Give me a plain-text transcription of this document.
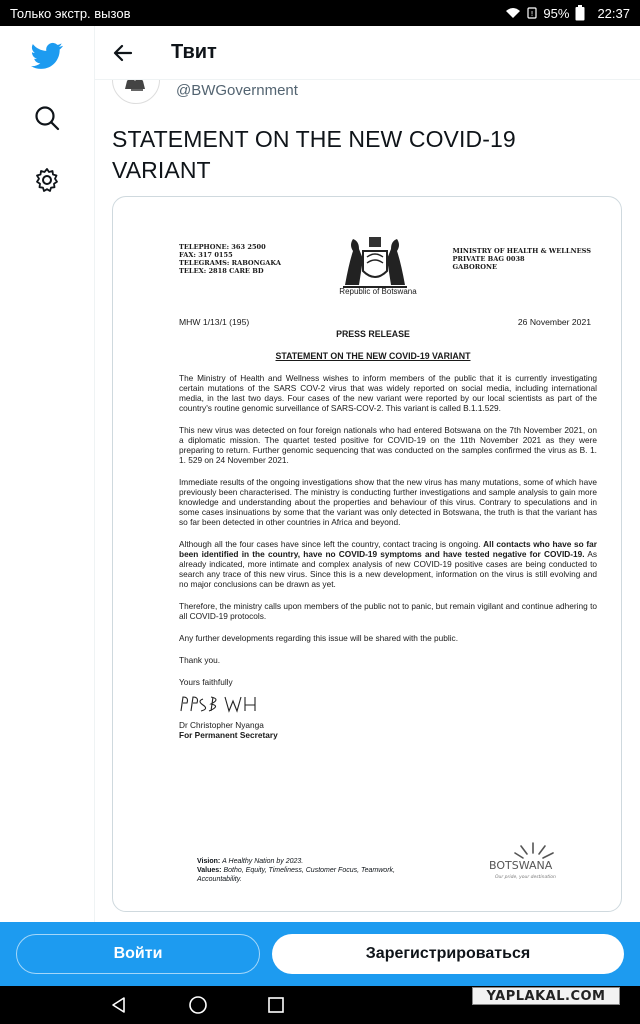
Только экстр. вызов	! 95% 22:37
@BWGovernment
Твит
STATEMENT ON THE NEW COVID-19 VARIANT
TELEPHONE: 363 2500
FAX: 317 0155
TELEGRAMS: RABONGAKA
TELEX: 2818 CARE BD
Republic of Botswana
MINISTRY OF HEALTH & WELLNESS
PRIVATE BAG 0038
GABORONE
MHW 1/13/1 (195)	26 November 2021
PRESS RELEASE
STATEMENT ON THE NEW COVID-19 VARIANT

The Ministry of Health and Wellness wishes to inform members of the public that it is currently investigating certain mutations of the SARS COV-2 virus that was widely reported on social media, including international media, in the last two days. Four cases of the new variant were reported by our local scientists as part of the country's routine genomic surveillance of SARS-COV-2. This variant is called B.1.1.529.

This new virus was detected on four foreign nationals who had entered Botswana on the 7th November 2021, on a diplomatic mission. The quartet tested positive for COVID-19 on the 11th November 2021 as they were preparing to return. Further genomic sequencing that was conducted on the samples confirmed the virus as B. 1. 1. 529 on 24 November 2021.

Immediate results of the ongoing investigations show that the new virus has many mutations, some of which have previously been characterised. The ministry is conducting further investigations and sample analysis to gain more knowledge and understanding about the properties and behaviour of this virus. Contrary to speculations and in some cases insinuations by some that the variant was only detected in Botswana, the truth is that the variant has so far been detected in other countries in Africa and beyond.

Although all the four cases have since left the country, contact tracing is ongoing. All contacts who have so far been identified in the country, have no COVID-19 symptoms and have tested negative for COVID-19. As already indicated, more intimate and complex analysis of new COVID-19 positive cases are being conducted to search any trace of this new virus. Since this is a new development, information on the virus is still evolving and no major conclusions can be drawn as yet.

Therefore, the ministry calls upon members of the public not to panic, but remain vigilant and continue adhering to all COVID-19 protocols.

Any further developments regarding this issue will be shared with the public.

Thank you.
Yours faithfully
Dr Christopher Nyanga
For Permanent Secretary
Vision: A Healthy Nation by 2023.
Values: Botho, Equity, Timeliness, Customer Focus, Teamwork, Accountability.
BOTSWANA
Our pride, your destination
Войти	Зарегистрироваться
YAPLAKAL.COM
